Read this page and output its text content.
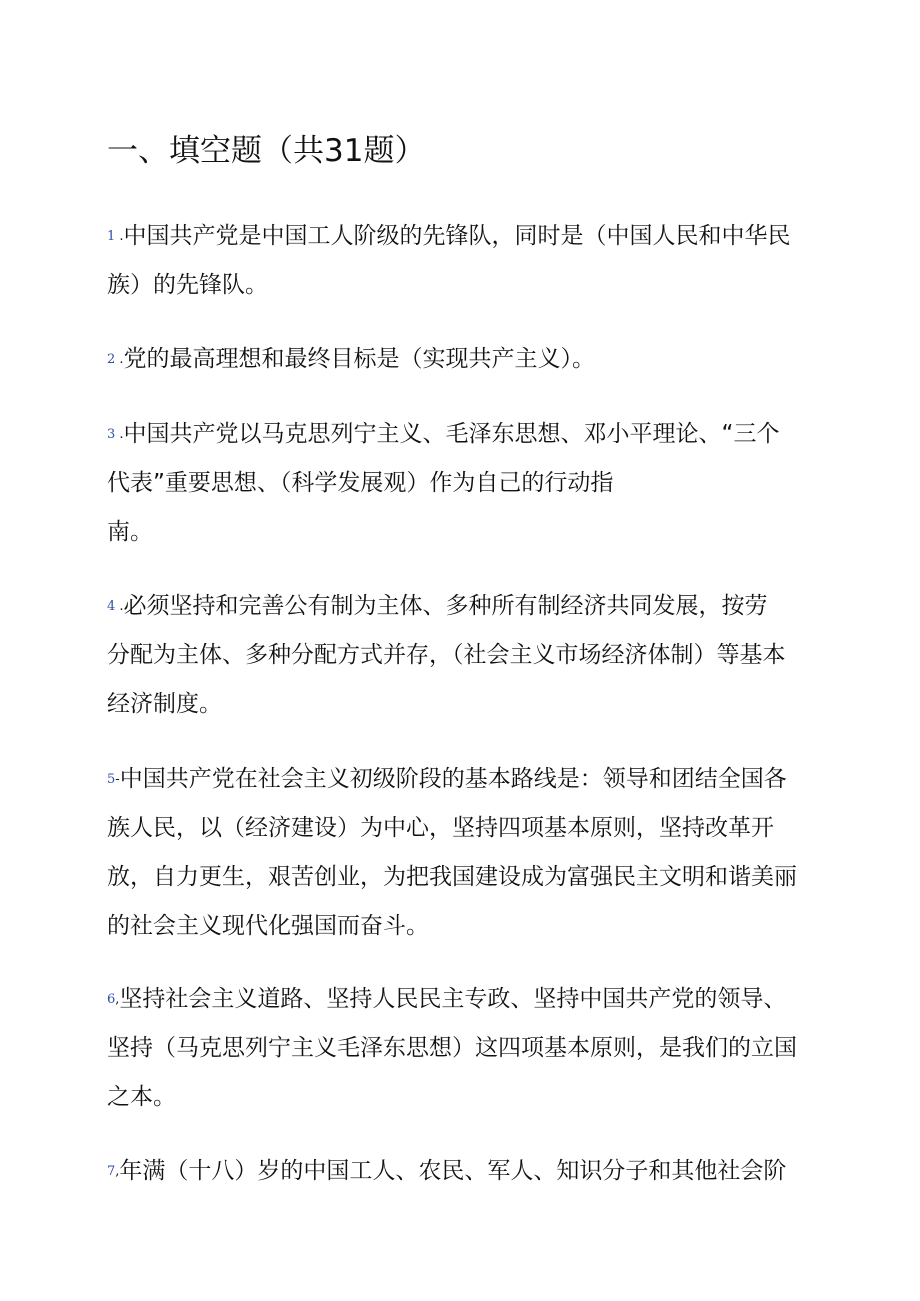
一、填空题（共31题）
1 .中国共产党是中国工人阶级的先锋队，同时是（中国人民和中华民
族）的先锋队。
2 .党的最高理想和最终目标是（实现共产主义）。
3 .中国共产党以马克思列宁主义、毛泽东思想、邓小平理论、“三个
代表”重要思想、（科学发展观）作为自己的行动指
南。
4 .必须坚持和完善公有制为主体、多种所有制经济共同发展，按劳
分配为主体、多种分配方式并存，（社会主义市场经济体制）等基本
经济制度。
5-中国共产党在社会主义初级阶段的基本路线是：领导和团结全国各
族人民，以（经济建设）为中心，坚持四项基本原则，坚持改革开
放，自力更生，艰苦创业，为把我国建设成为富强民主文明和谐美丽
的社会主义现代化强国而奋斗。
6,坚持社会主义道路、坚持人民民主专政、坚持中国共产党的领导、
坚持（马克思列宁主义毛泽东思想）这四项基本原则，是我们的立国
之本。
7,年满（十八）岁的中国工人、农民、军人、知识分子和其他社会阶
